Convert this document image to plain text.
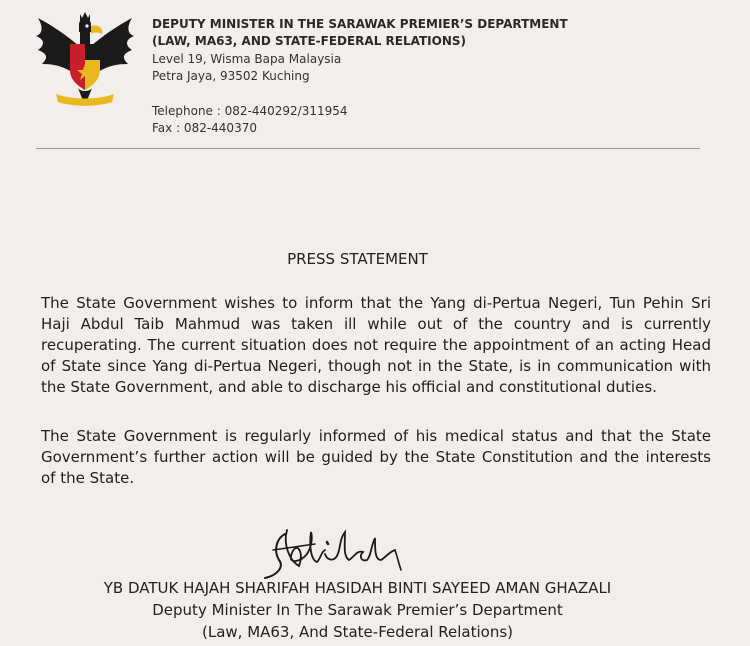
DEPUTY MINISTER IN THE SARAWAK PREMIER’S DEPARTMENT
(LAW, MA63, AND STATE-FEDERAL RELATIONS)
Level 19, Wisma Bapa Malaysia
Petra Jaya, 93502 Kuching
Telephone : 082-440292/311954
Fax : 082-440370
PRESS STATEMENT
The State Government wishes to inform that the Yang di-Pertua Negeri, Tun Pehin Sri
Haji Abdul Taib Mahmud was taken ill while out of the country and is currently
recuperating. The current situation does not require the appointment of an acting Head
of State since Yang di-Pertua Negeri, though not in the State, is in communication with
the State Government, and able to discharge his official and constitutional duties.
The State Government is regularly informed of his medical status and that the State
Government’s further action will be guided by the State Constitution and the interests
of the State.
YB DATUK HAJAH SHARIFAH HASIDAH BINTI SAYEED AMAN GHAZALI
Deputy Minister In The Sarawak Premier’s Department
(Law, MA63, And State-Federal Relations)
